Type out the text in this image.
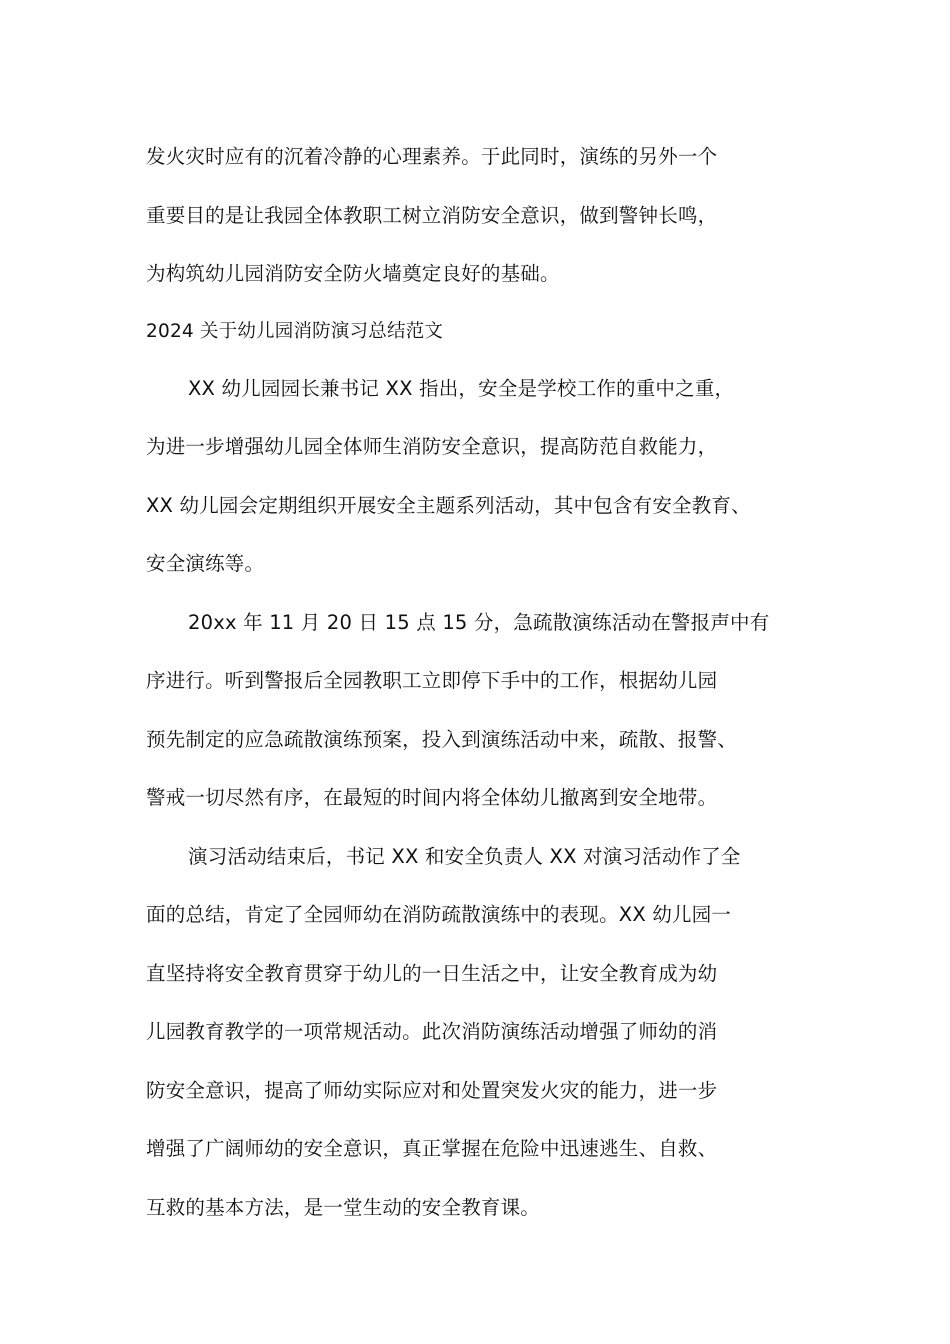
发火灾时应有的沉着冷静的心理素养。于此同时，演练的另外一个
重要目的是让我园全体教职工树立消防安全意识，做到警钟长鸣，
为构筑幼儿园消防安全防火墙奠定良好的基础。
2024 关于幼儿园消防演习总结范文
XX 幼儿园园长兼书记 XX 指出，安全是学校工作的重中之重，
为进一步增强幼儿园全体师生消防安全意识，提高防范自救能力，
XX 幼儿园会定期组织开展安全主题系列活动，其中包含有安全教育、
安全演练等。
20xx 年 11 月 20 日 15 点 15 分，急疏散演练活动在警报声中有
序进行。听到警报后全园教职工立即停下手中的工作，根据幼儿园
预先制定的应急疏散演练预案，投入到演练活动中来，疏散、报警、
警戒一切尽然有序，在最短的时间内将全体幼儿撤离到安全地带。
演习活动结束后，书记 XX 和安全负责人 XX 对演习活动作了全
面的总结，肯定了全园师幼在消防疏散演练中的表现。XX 幼儿园一
直坚持将安全教育贯穿于幼儿的一日生活之中，让安全教育成为幼
儿园教育教学的一项常规活动。此次消防演练活动增强了师幼的消
防安全意识，提高了师幼实际应对和处置突发火灾的能力，进一步
增强了广阔师幼的安全意识，真正掌握在危险中迅速逃生、自救、
互救的基本方法，是一堂生动的安全教育课。
